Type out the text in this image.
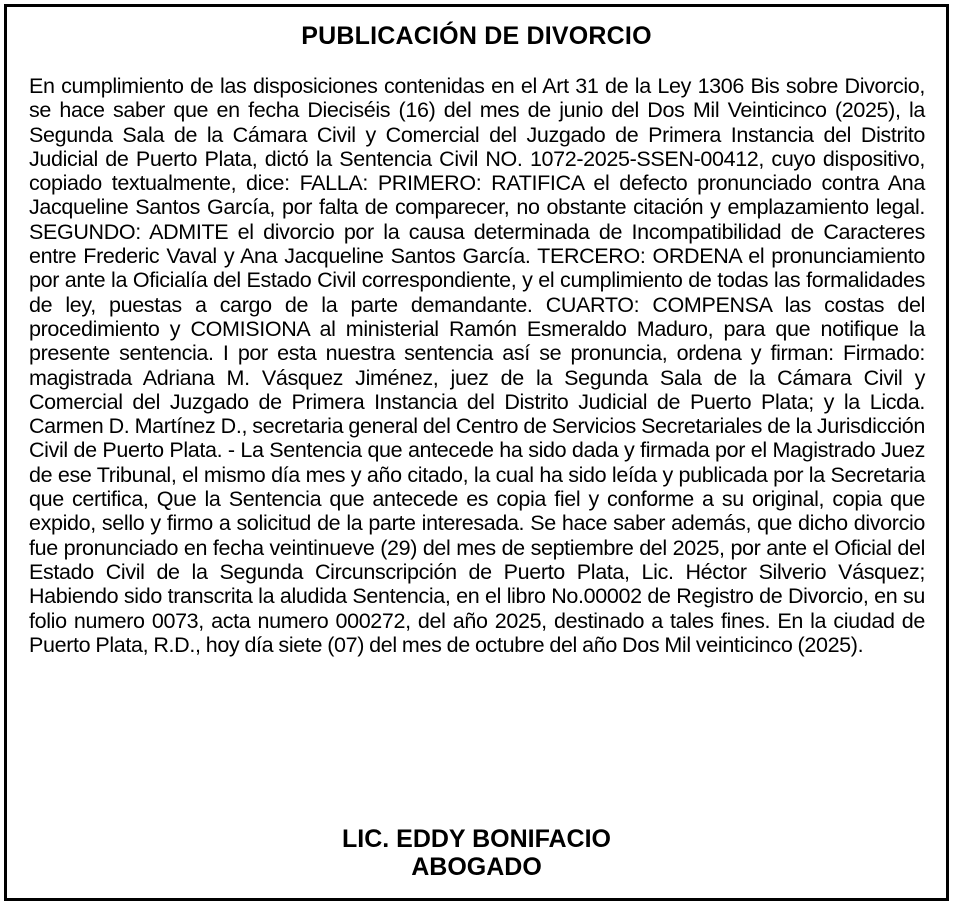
PUBLICACIÓN DE DIVORCIO
En cumplimiento de las disposiciones contenidas en el Art 31 de la Ley 1306 Bis sobre Divorcio, se hace saber que en fecha Dieciséis (16) del mes de junio del Dos Mil Veinticinco (2025), la Segunda Sala de la Cámara Civil y Comercial del Juzgado de Primera Instancia del Distrito Judicial de Puerto Plata, dictó la Sentencia Civil NO. 1072-2025-SSEN-00412, cuyo dispositivo, copiado textualmente, dice: FALLA: PRIMERO: RATIFICA el defecto pronunciado contra Ana Jacqueline Santos García, por falta de comparecer, no obstante citación y emplazamiento legal. SEGUNDO: ADMITE el divorcio por la causa determinada de Incompatibilidad de Caracteres entre Frederic Vaval y Ana Jacqueline Santos García. TERCERO: ORDENA el pronunciamiento por ante la Oficialía del Estado Civil correspondiente, y el cumplimiento de todas las formalidades de ley, puestas a cargo de la parte demandante. CUARTO: COMPENSA las costas del procedimiento y COMISIONA al ministerial Ramón Esmeraldo Maduro, para que notifique la presente sentencia. I por esta nuestra sentencia así se pronuncia, ordena y firman: Firmado: magistrada Adriana M. Vásquez Jiménez, juez de la Segunda Sala de la Cámara Civil y Comercial del Juzgado de Primera Instancia del Distrito Judicial de Puerto Plata; y la Licda. Carmen D. Martínez D., secretaria general del Centro de Servicios Secretariales de la Jurisdicción Civil de Puerto Plata. - La Sentencia que antecede ha sido dada y firmada por el Magistrado Juez de ese Tribunal, el mismo día mes y año citado, la cual ha sido leída y publicada por la Secretaria que certifica, Que la Sentencia que antecede es copia fiel y conforme a su original, copia que expido, sello y firmo a solicitud de la parte interesada. Se hace saber además, que dicho divorcio fue pronunciado en fecha veintinueve (29) del mes de septiembre del 2025, por ante el Oficial del Estado Civil de la Segunda Circunscripción de Puerto Plata, Lic. Héctor Silverio Vásquez; Habiendo sido transcrita la aludida Sentencia, en el libro No.00002 de Registro de Divorcio, en su folio numero 0073, acta numero 000272, del año 2025, destinado a tales fines. En la ciudad de Puerto Plata, R.D., hoy día siete (07) del mes de octubre del año Dos Mil veinticinco (2025).
LIC. EDDY BONIFACIO
ABOGADO
